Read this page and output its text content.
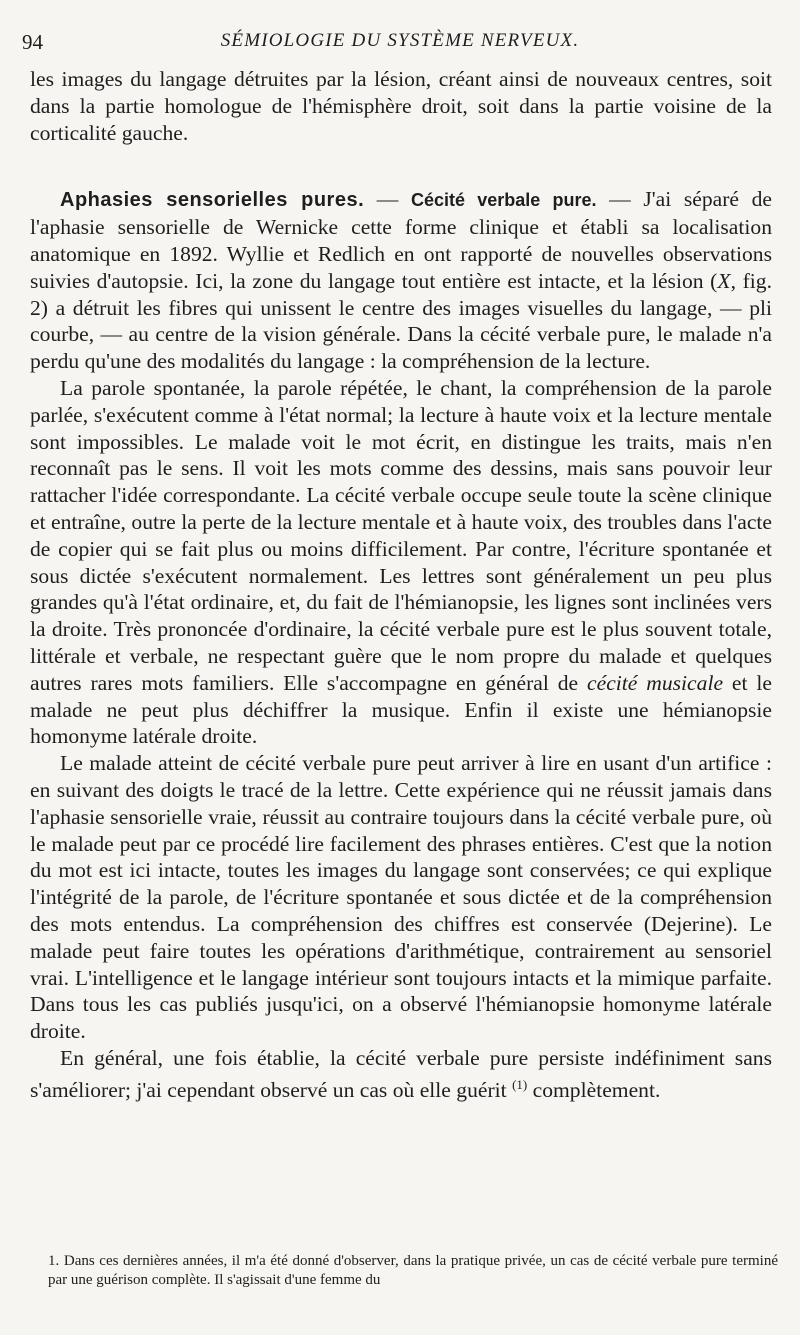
94	SÉMIOLOGIE DU SYSTÈME NERVEUX.

les images du langage détruites par la lésion, créant ainsi de nouveaux centres, soit dans la partie homologue de l'hémisphère droit, soit dans la partie voisine de la corticalité gauche.

Aphasies sensorielles pures. — Cécité verbale pure. — J'ai séparé de l'aphasie sensorielle de Wernicke cette forme clinique et établi sa localisation anatomique en 1892. Wyllie et Redlich en ont rapporté de nouvelles observations suivies d'autopsie. Ici, la zone du langage tout entière est intacte, et la lésion (X, fig. 2) a détruit les fibres qui unissent le centre des images visuelles du langage, — pli courbe, — au centre de la vision générale. Dans la cécité verbale pure, le malade n'a perdu qu'une des modalités du langage : la compréhension de la lecture.

La parole spontanée, la parole répétée, le chant, la compréhension de la parole parlée, s'exécutent comme à l'état normal; la lecture à haute voix et la lecture mentale sont impossibles. Le malade voit le mot écrit, en distingue les traits, mais n'en reconnaît pas le sens. Il voit les mots comme des dessins, mais sans pouvoir leur rattacher l'idée correspondante. La cécité verbale occupe seule toute la scène clinique et entraîne, outre la perte de la lecture mentale et à haute voix, des troubles dans l'acte de copier qui se fait plus ou moins difficilement. Par contre, l'écriture spontanée et sous dictée s'exécutent normalement. Les lettres sont généralement un peu plus grandes qu'à l'état ordinaire, et, du fait de l'hémianopsie, les lignes sont inclinées vers la droite. Très prononcée d'ordinaire, la cécité verbale pure est le plus souvent totale, littérale et verbale, ne respectant guère que le nom propre du malade et quelques autres rares mots familiers. Elle s'accompagne en général de cécité musicale et le malade ne peut plus déchiffrer la musique. Enfin il existe une hémianopsie homonyme latérale droite.

Le malade atteint de cécité verbale pure peut arriver à lire en usant d'un artifice : en suivant des doigts le tracé de la lettre. Cette expérience qui ne réussit jamais dans l'aphasie sensorielle vraie, réussit au contraire toujours dans la cécité verbale pure, où le malade peut par ce procédé lire facilement des phrases entières. C'est que la notion du mot est ici intacte, toutes les images du langage sont conservées; ce qui explique l'intégrité de la parole, de l'écriture spontanée et sous dictée et de la compréhension des mots entendus. La compréhension des chiffres est conservée (Dejerine). Le malade peut faire toutes les opérations d'arithmétique, contrairement au sensoriel vrai. L'intelligence et le langage intérieur sont toujours intacts et la mimique parfaite. Dans tous les cas publiés jusqu'ici, on a observé l'hémianopsie homonyme latérale droite.

En général, une fois établie, la cécité verbale pure persiste indéfiniment sans s'améliorer; j'ai cependant observé un cas où elle guérit $^{(1)}$ complètement.

1. Dans ces dernières années, il m'a été donné d'observer, dans la pratique privée, un cas de cécité verbale pure terminé par une guérison complète. Il s'agissait d'une femme du
